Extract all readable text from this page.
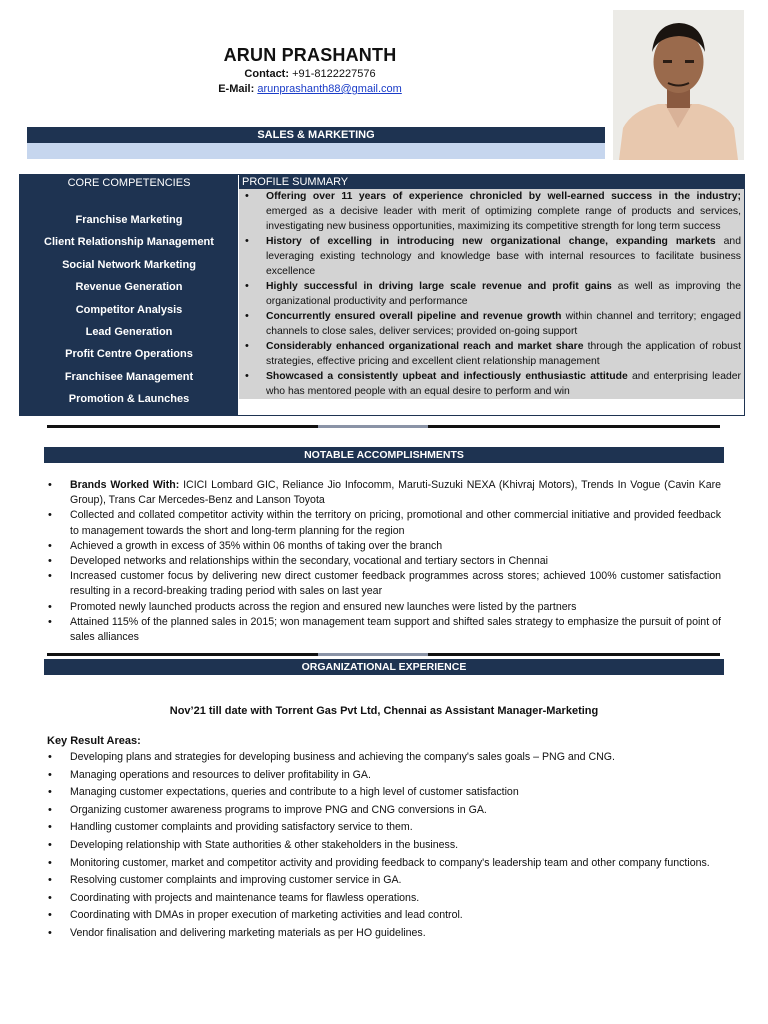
ARUN PRASHANTH
Contact: +91-8122227576
E-Mail: arunprashanth88@gmail.com
SALES & MARKETING
CORE COMPETENCIES
Franchise Marketing
Client Relationship Management
Social Network Marketing
Revenue Generation
Competitor Analysis
Lead Generation
Profit Centre Operations
Franchisee Management
Promotion & Launches
PROFILE SUMMARY
• Offering over 11 years of experience chronicled by well-earned success in the industry; emerged as a decisive leader with merit of optimizing complete range of products and services, investigating new business opportunities, maximizing its competitive strength for long term success
• History of excelling in introducing new organizational change, expanding markets and leveraging existing technology and knowledge base with internal resources to facilitate business excellence
• Highly successful in driving large scale revenue and profit gains as well as improving the organizational productivity and performance
• Concurrently ensured overall pipeline and revenue growth within channel and territory; engaged channels to close sales, deliver services; provided on-going support
• Considerably enhanced organizational reach and market share through the application of robust strategies, effective pricing and excellent client relationship management
• Showcased a consistently upbeat and infectiously enthusiastic attitude and enterprising leader who has mentored people with an equal desire to perform and win
NOTABLE ACCOMPLISHMENTS
• Brands Worked With: ICICI Lombard GIC, Reliance Jio Infocomm, Maruti-Suzuki NEXA (Khivraj Motors), Trends In Vogue (Cavin Kare Group), Trans Car Mercedes-Benz and Lanson Toyota
• Collected and collated competitor activity within the territory on pricing, promotional and other commercial initiative and provided feedback to management towards the short and long-term planning for the region
• Achieved a growth in excess of 35% within 06 months of taking over the branch
• Developed networks and relationships within the secondary, vocational and tertiary sectors in Chennai
• Increased customer focus by delivering new direct customer feedback programmes across stores; achieved 100% customer satisfaction resulting in a record-breaking trading period with sales on last year
• Promoted newly launched products across the region and ensured new launches were listed by the partners
• Attained 115% of the planned sales in 2015; won management team support and shifted sales strategy to emphasize the pursuit of point of sales alliances
ORGANIZATIONAL EXPERIENCE
Nov’21 till date with Torrent Gas Pvt Ltd, Chennai as Assistant Manager-Marketing
Key Result Areas:
• Developing plans and strategies for developing business and achieving the company's sales goals – PNG and CNG.
• Managing operations and resources to deliver profitability in GA.
• Managing customer expectations, queries and contribute to a high level of customer satisfaction
• Organizing customer awareness programs to improve PNG and CNG conversions in GA.
• Handling customer complaints and providing satisfactory service to them.
• Developing relationship with State authorities & other stakeholders in the business.
• Monitoring customer, market and competitor activity and providing feedback to company's leadership team and other company functions.
• Resolving customer complaints and improving customer service in GA.
• Coordinating with projects and maintenance teams for flawless operations.
• Coordinating with DMAs in proper execution of marketing activities and lead control.
• Vendor finalisation and delivering marketing materials as per HO guidelines.
